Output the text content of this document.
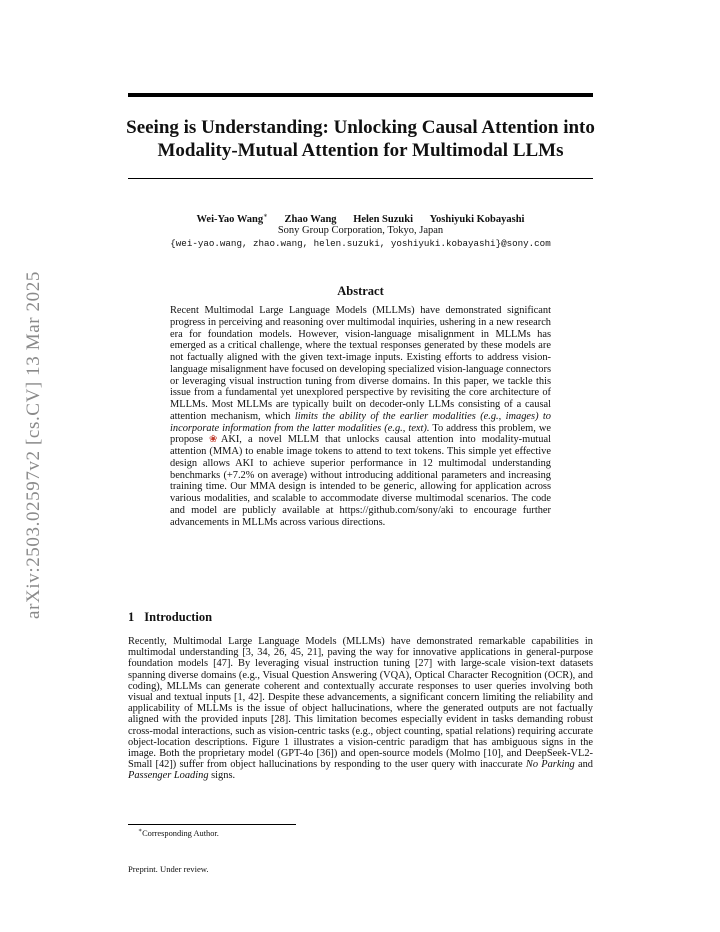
arXiv:2503.02597v2 [cs.CV] 13 Mar 2025
Seeing is Understanding: Unlocking Causal Attention into Modality-Mutual Attention for Multimodal LLMs
Wei-Yao Wang∗ Zhao Wang Helen Suzuki Yoshiyuki Kobayashi
Sony Group Corporation, Tokyo, Japan
{wei-yao.wang, zhao.wang, helen.suzuki, yoshiyuki.kobayashi}@sony.com
Abstract

Recent Multimodal Large Language Models (MLLMs) have demonstrated significant progress in perceiving and reasoning over multimodal inquiries, ushering in a new research era for foundation models. However, vision-language misalignment in MLLMs has emerged as a critical challenge, where the textual responses generated by these models are not factually aligned with the given text-image inputs. Existing efforts to address vision-language misalignment have focused on developing specialized vision-language connectors or leveraging visual instruction tuning from diverse domains. In this paper, we tackle this issue from a fundamental yet unexplored perspective by revisiting the core architecture of MLLMs. Most MLLMs are typically built on decoder-only LLMs consisting of a causal attention mechanism, which limits the ability of the earlier modalities (e.g., images) to incorporate information from the latter modalities (e.g., text). To address this problem, we propose ❀AKI, a novel MLLM that unlocks causal attention into modality-mutual attention (MMA) to enable image tokens to attend to text tokens. This simple yet effective design allows AKI to achieve superior performance in 12 multimodal understanding benchmarks (+7.2% on average) without introducing additional parameters and increasing training time. Our MMA design is intended to be generic, allowing for application across various modalities, and scalable to accommodate diverse multimodal scenarios. The code and model are publicly available at https://github.com/sony/aki to encourage further advancements in MLLMs across various directions.

1 Introduction

Recently, Multimodal Large Language Models (MLLMs) have demonstrated remarkable capabilities in multimodal understanding [3, 34, 26, 45, 21], paving the way for innovative applications in general-purpose foundation models [47]. By leveraging visual instruction tuning [27] with large-scale vision-text datasets spanning diverse domains (e.g., Visual Question Answering (VQA), Optical Character Recognition (OCR), and coding), MLLMs can generate coherent and contextually accurate responses to user queries involving both visual and textual inputs [1, 42]. Despite these advancements, a significant concern limiting the reliability and applicability of MLLMs is the issue of object hallucinations, where the generated outputs are not factually aligned with the provided inputs [28]. This limitation becomes especially evident in tasks demanding robust cross-modal interactions, such as vision-centric tasks (e.g., object counting, spatial relations) requiring accurate object-location descriptions. Figure 1 illustrates a vision-centric paradigm that has ambiguous signs in the image. Both the proprietary model (GPT-4o [36]) and open-source models (Molmo [10], and DeepSeek-VL2-Small [42]) suffer from object hallucinations by responding to the user query with inaccurate No Parking and Passenger Loading signs.

∗Corresponding Author.
Preprint. Under review.
